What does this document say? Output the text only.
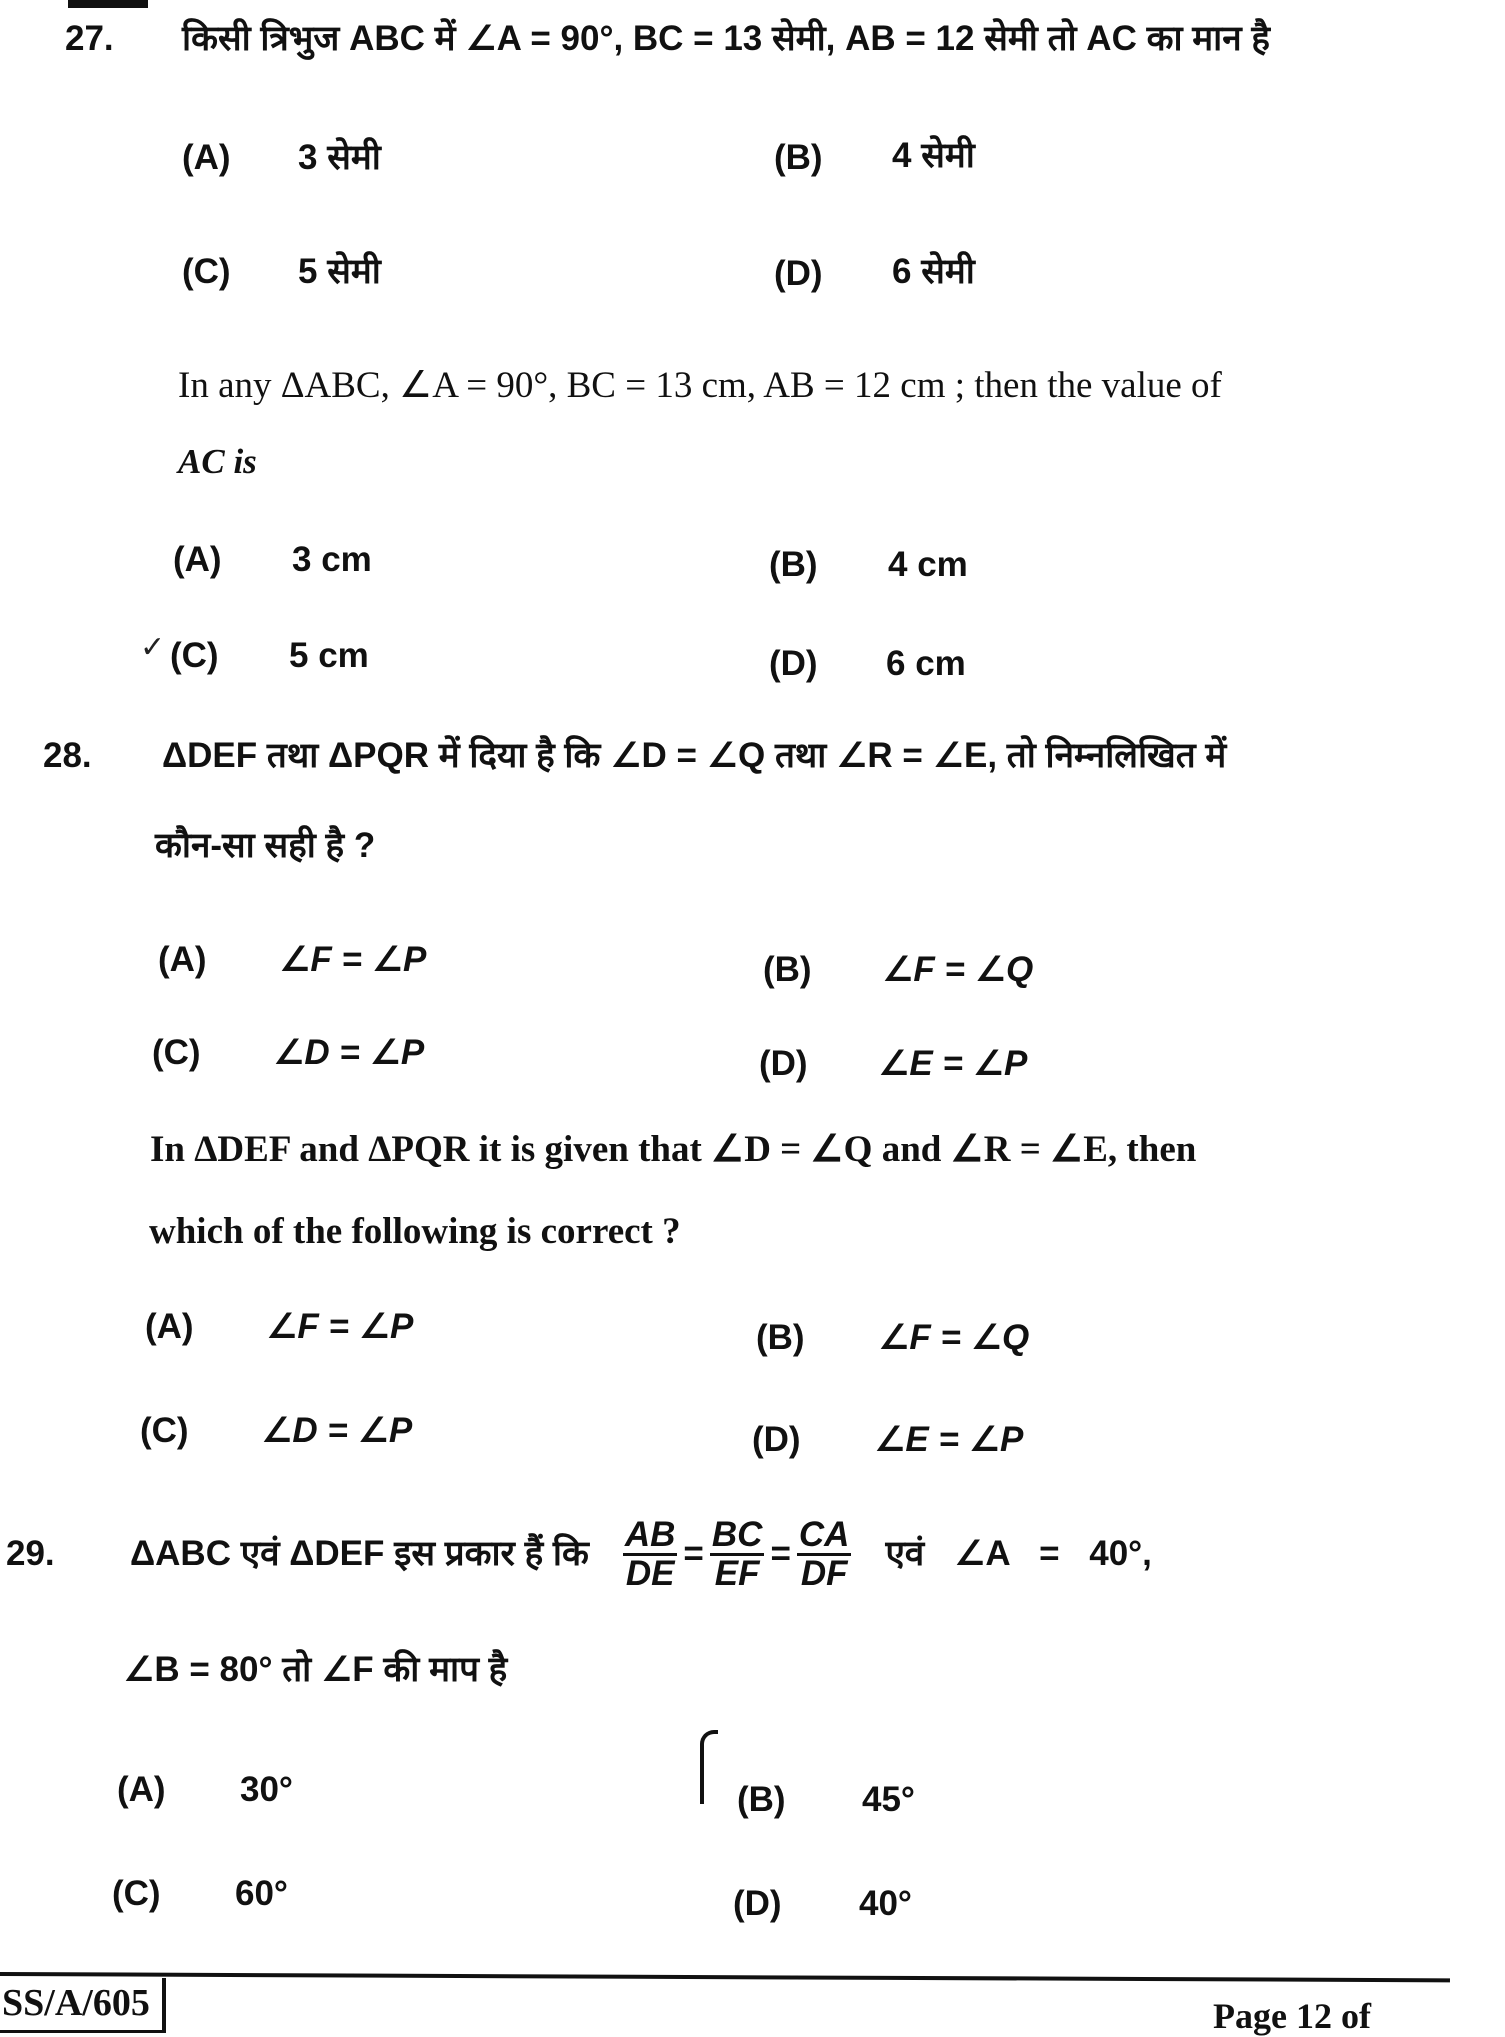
27. किसी त्रिभुज ABC में ∠A = 90°, BC = 13 सेमी, AB = 12 सेमी तो AC का मान है
(A) 3 सेमी	(B) 4 सेमी
(C) 5 सेमी	(D) 6 सेमी
In any ΔABC, ∠A = 90°, BC = 13 cm, AB = 12 cm ; then the value of
AC is
(A) 3 cm	(B) 4 cm
✓ (C) 5 cm	(D) 6 cm
28. ΔDEF तथा ΔPQR में दिया है कि ∠D = ∠Q तथा ∠R = ∠E, तो निम्नलिखित में
कौन-सा सही है ?
(A) ∠F = ∠P	(B) ∠F = ∠Q
(C) ∠D = ∠P	(D) ∠E = ∠P
In ΔDEF and ΔPQR it is given that ∠D = ∠Q and ∠R = ∠E, then
which of the following is correct ?
(A) ∠F = ∠P	(B) ∠F = ∠Q
(C) ∠D = ∠P	(D) ∠E = ∠P
29. ΔABC एवं ΔDEF इस प्रकार हैं कि $\frac{AB}{DE} = \frac{BC}{EF} = \frac{CA}{DF}$ एवं ∠A = 40°,
∠B = 80° तो ∠F की माप है
(A) 30°	(B) 45°
(C) 60°	(D) 40°
SS/A/605	Page 12 of
